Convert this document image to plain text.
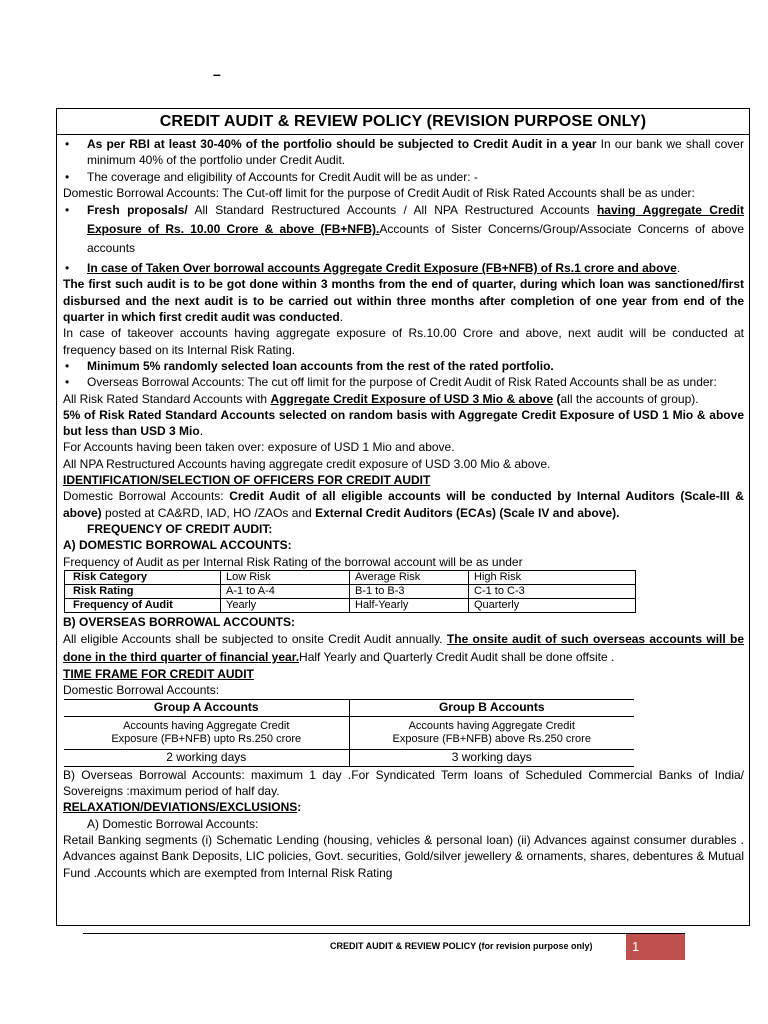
–
CREDIT AUDIT & REVIEW POLICY (REVISION PURPOSE ONLY)

• As per RBI at least 30-40% of the portfolio should be subjected to Credit Audit in a year In our bank we shall cover minimum 40% of the portfolio under Credit Audit.

• The coverage and eligibility of Accounts for Credit Audit will be as under: -

Domestic Borrowal Accounts: The Cut-off limit for the purpose of Credit Audit of Risk Rated Accounts shall be as under:

• Fresh proposals/ All Standard Restructured Accounts / All NPA Restructured Accounts having Aggregate Credit Exposure of Rs. 10.00 Crore & above (FB+NFB).Accounts of Sister Concerns/Group/Associate Concerns of above accounts

• In case of Taken Over borrowal accounts Aggregate Credit Exposure (FB+NFB) of Rs.1 crore and above.

The first such audit is to be got done within 3 months from the end of quarter, during which loan was sanctioned/first disbursed and the next audit is to be carried out within three months after completion of one year from end of the quarter in which first credit audit was conducted.

In case of takeover accounts having aggregate exposure of Rs.10.00 Crore and above, next audit will be conducted at frequency based on its Internal Risk Rating.

• Minimum 5% randomly selected loan accounts from the rest of the rated portfolio.

• Overseas Borrowal Accounts: The cut off limit for the purpose of Credit Audit of Risk Rated Accounts shall be as under:

All Risk Rated Standard Accounts with Aggregate Credit Exposure of USD 3 Mio & above (all the accounts of group).

5% of Risk Rated Standard Accounts selected on random basis with Aggregate Credit Exposure of USD 1 Mio & above but less than USD 3 Mio.

For Accounts having been taken over: exposure of USD 1 Mio and above.

All NPA Restructured Accounts having aggregate credit exposure of USD 3.00 Mio & above.

IDENTIFICATION/SELECTION OF OFFICERS FOR CREDIT AUDIT

Domestic Borrowal Accounts: Credit Audit of all eligible accounts will be conducted by Internal Auditors (Scale-III & above) posted at CA&RD, IAD, HO /ZAOs and External Credit Auditors (ECAs) (Scale IV and above).

FREQUENCY OF CREDIT AUDIT:

A) DOMESTIC BORROWAL ACCOUNTS:

Frequency of Audit as per Internal Risk Rating of the borrowal account will be as under

Risk Category	Low Risk	Average Risk	High Risk
Risk Rating	A-1 to A-4	B-1 to B-3	C-1 to C-3
Frequency of Audit	Yearly	Half-Yearly	Quarterly

B) OVERSEAS BORROWAL ACCOUNTS:

All eligible Accounts shall be subjected to onsite Credit Audit annually. The onsite audit of such overseas accounts will be done in the third quarter of financial year.Half Yearly and Quarterly Credit Audit shall be done offsite .

TIME FRAME FOR CREDIT AUDIT

Domestic Borrowal Accounts:

Group A Accounts	Group B Accounts
Accounts having Aggregate Credit
Exposure (FB+NFB) upto Rs.250 crore	Accounts having Aggregate Credit
Exposure (FB+NFB) above Rs.250 crore
2 working days	3 working days

B) Overseas Borrowal Accounts: maximum 1 day .For Syndicated Term loans of Scheduled Commercial Banks of India/ Sovereigns :maximum period of half day.

RELAXATION/DEVIATIONS/EXCLUSIONS:

A) Domestic Borrowal Accounts:

Retail Banking segments (i) Schematic Lending (housing, vehicles & personal loan) (ii) Advances against consumer durables . Advances against Bank Deposits, LIC policies, Govt. securities, Gold/silver jewellery & ornaments, shares, debentures & Mutual Fund .Accounts which are exempted from Internal Risk Rating

CREDIT AUDIT & REVIEW POLICY (for revision purpose only)	1
